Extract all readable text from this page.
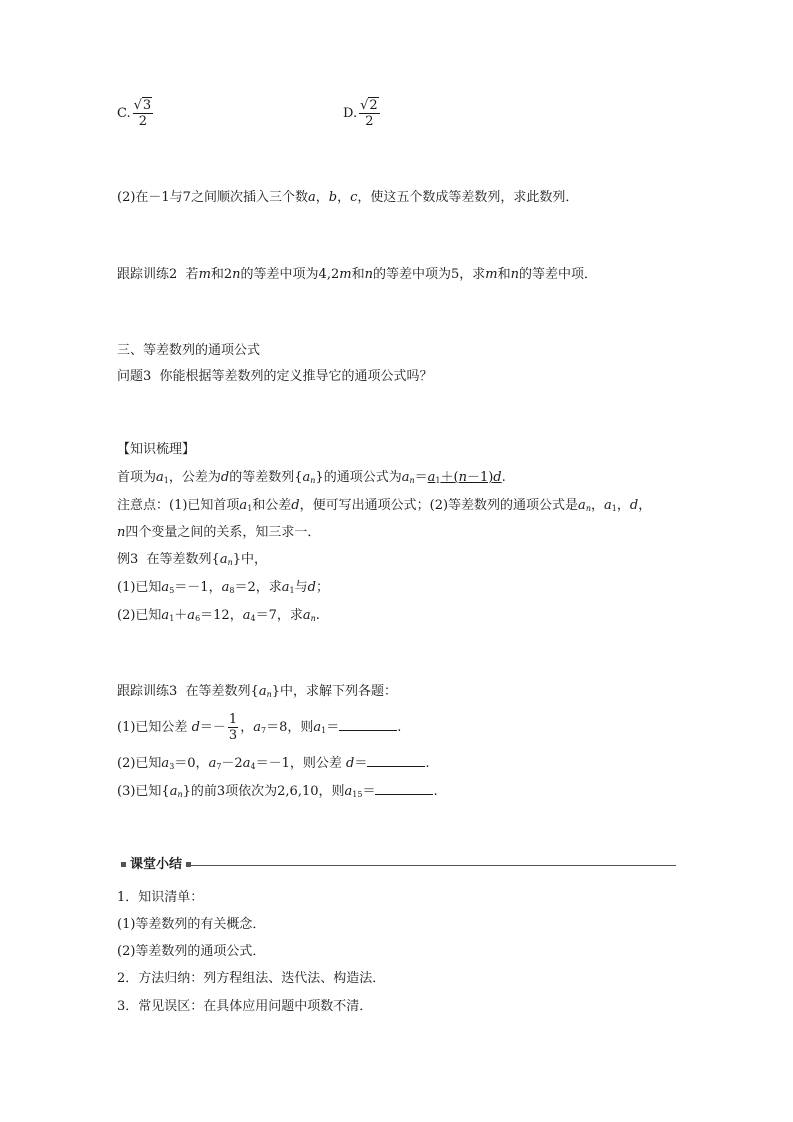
C. $\frac{√3}{2}$	D. $\frac{√2}{2}$
(2)在－1与7之间顺次插入三个数a，b，c，使这五个数成等差数列，求此数列．
跟踪训练2 若m和2n的等差中项为4,2m和n的等差中项为5，求m和n的等差中项．
三、等差数列的通项公式
问题3 你能根据等差数列的定义推导它的通项公式吗？
【知识梳理】
首项为$a_1$，公差为d的等差数列$\{a_n\}$的通项公式为$a_n=a_1+(n-1)d$.
注意点：(1)已知首项$a_1$和公差d，便可写出通项公式；(2)等差数列的通项公式是$a_n$，$a_1$，d，
n四个变量之间的关系，知三求一．
例3 在等差数列$\{a_n\}$中，
(1)已知$a_5=-1$，$a_8=2$，求$a_1$与d；
(2)已知$a_1+a_6=12$，$a_4=7$，求$a_n$.
跟踪训练3 在等差数列$\{a_n\}$中，求解下列各题：
(1)已知公差 $d=- \frac{1}{3}$ ，$a_7=8$，则$a_1=$	.
(2)已知$a_3=0$，$a_7-2a_4=-1$，则公差 d＝	.
(3)已知$\{a_n\}$的前3项依次为2,6,10，则$a_{15}=$	.
课堂小结
1．知识清单：
(1)等差数列的有关概念．
(2)等差数列的通项公式．
2．方法归纳：列方程组法、迭代法、构造法．
3．常见误区：在具体应用问题中项数不清．
